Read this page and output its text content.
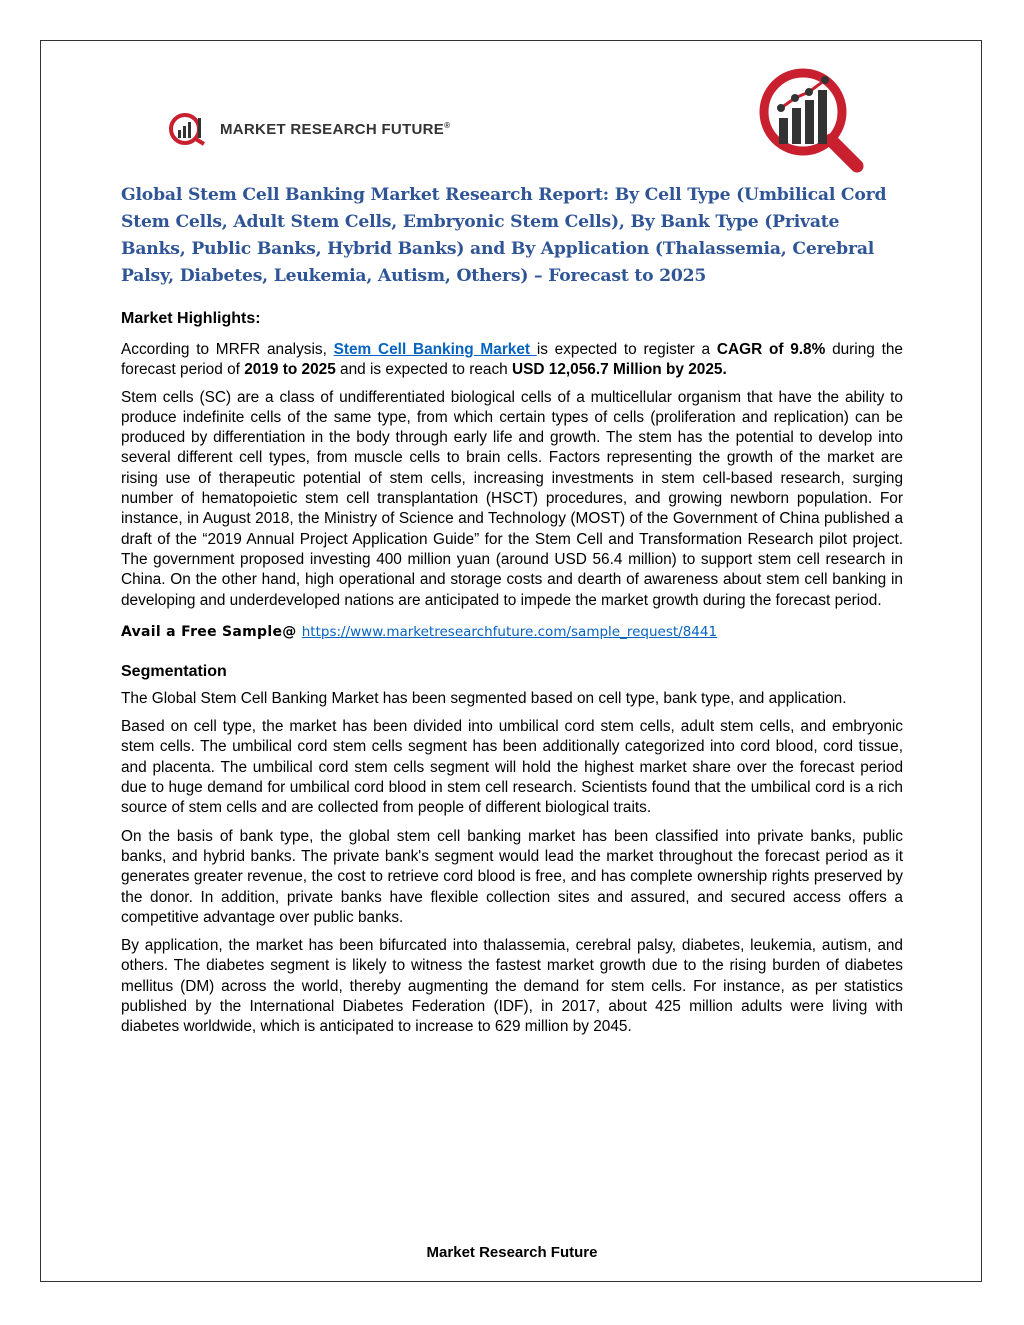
MARKET RESEARCH FUTURE®
Global Stem Cell Banking Market Research Report: By Cell Type (Umbilical Cord Stem Cells, Adult Stem Cells, Embryonic Stem Cells), By Bank Type (Private Banks, Public Banks, Hybrid Banks) and By Application (Thalassemia, Cerebral Palsy, Diabetes, Leukemia, Autism, Others) – Forecast to 2025
Market Highlights:

According to MRFR analysis, Stem Cell Banking Market is expected to register a CAGR of 9.8% during the forecast period of 2019 to 2025 and is expected to reach USD 12,056.7 Million by 2025.

Stem cells (SC) are a class of undifferentiated biological cells of a multicellular organism that have the ability to produce indefinite cells of the same type, from which certain types of cells (proliferation and replication) can be produced by differentiation in the body through early life and growth. The stem has the potential to develop into several different cell types, from muscle cells to brain cells. Factors representing the growth of the market are rising use of therapeutic potential of stem cells, increasing investments in stem cell-based research, surging number of hematopoietic stem cell transplantation (HSCT) procedures, and growing newborn population. For instance, in August 2018, the Ministry of Science and Technology (MOST) of the Government of China published a draft of the “2019 Annual Project Application Guide” for the Stem Cell and Transformation Research pilot project. The government proposed investing 400 million yuan (around USD 56.4 million) to support stem cell research in China. On the other hand, high operational and storage costs and dearth of awareness about stem cell banking in developing and underdeveloped nations are anticipated to impede the market growth during the forecast period.

Avail a Free Sample@ https://www.marketresearchfuture.com/sample_request/8441
Segmentation

The Global Stem Cell Banking Market has been segmented based on cell type, bank type, and application.

Based on cell type, the market has been divided into umbilical cord stem cells, adult stem cells, and embryonic stem cells. The umbilical cord stem cells segment has been additionally categorized into cord blood, cord tissue, and placenta. The umbilical cord stem cells segment will hold the highest market share over the forecast period due to huge demand for umbilical cord blood in stem cell research. Scientists found that the umbilical cord is a rich source of stem cells and are collected from people of different biological traits.

On the basis of bank type, the global stem cell banking market has been classified into private banks, public banks, and hybrid banks. The private bank's segment would lead the market throughout the forecast period as it generates greater revenue, the cost to retrieve cord blood is free, and has complete ownership rights preserved by the donor. In addition, private banks have flexible collection sites and assured, and secured access offers a competitive advantage over public banks.

By application, the market has been bifurcated into thalassemia, cerebral palsy, diabetes, leukemia, autism, and others. The diabetes segment is likely to witness the fastest market growth due to the rising burden of diabetes mellitus (DM) across the world, thereby augmenting the demand for stem cells. For instance, as per statistics published by the International Diabetes Federation (IDF), in 2017, about 425 million adults were living with diabetes worldwide, which is anticipated to increase to 629 million by 2045.

Market Research Future
